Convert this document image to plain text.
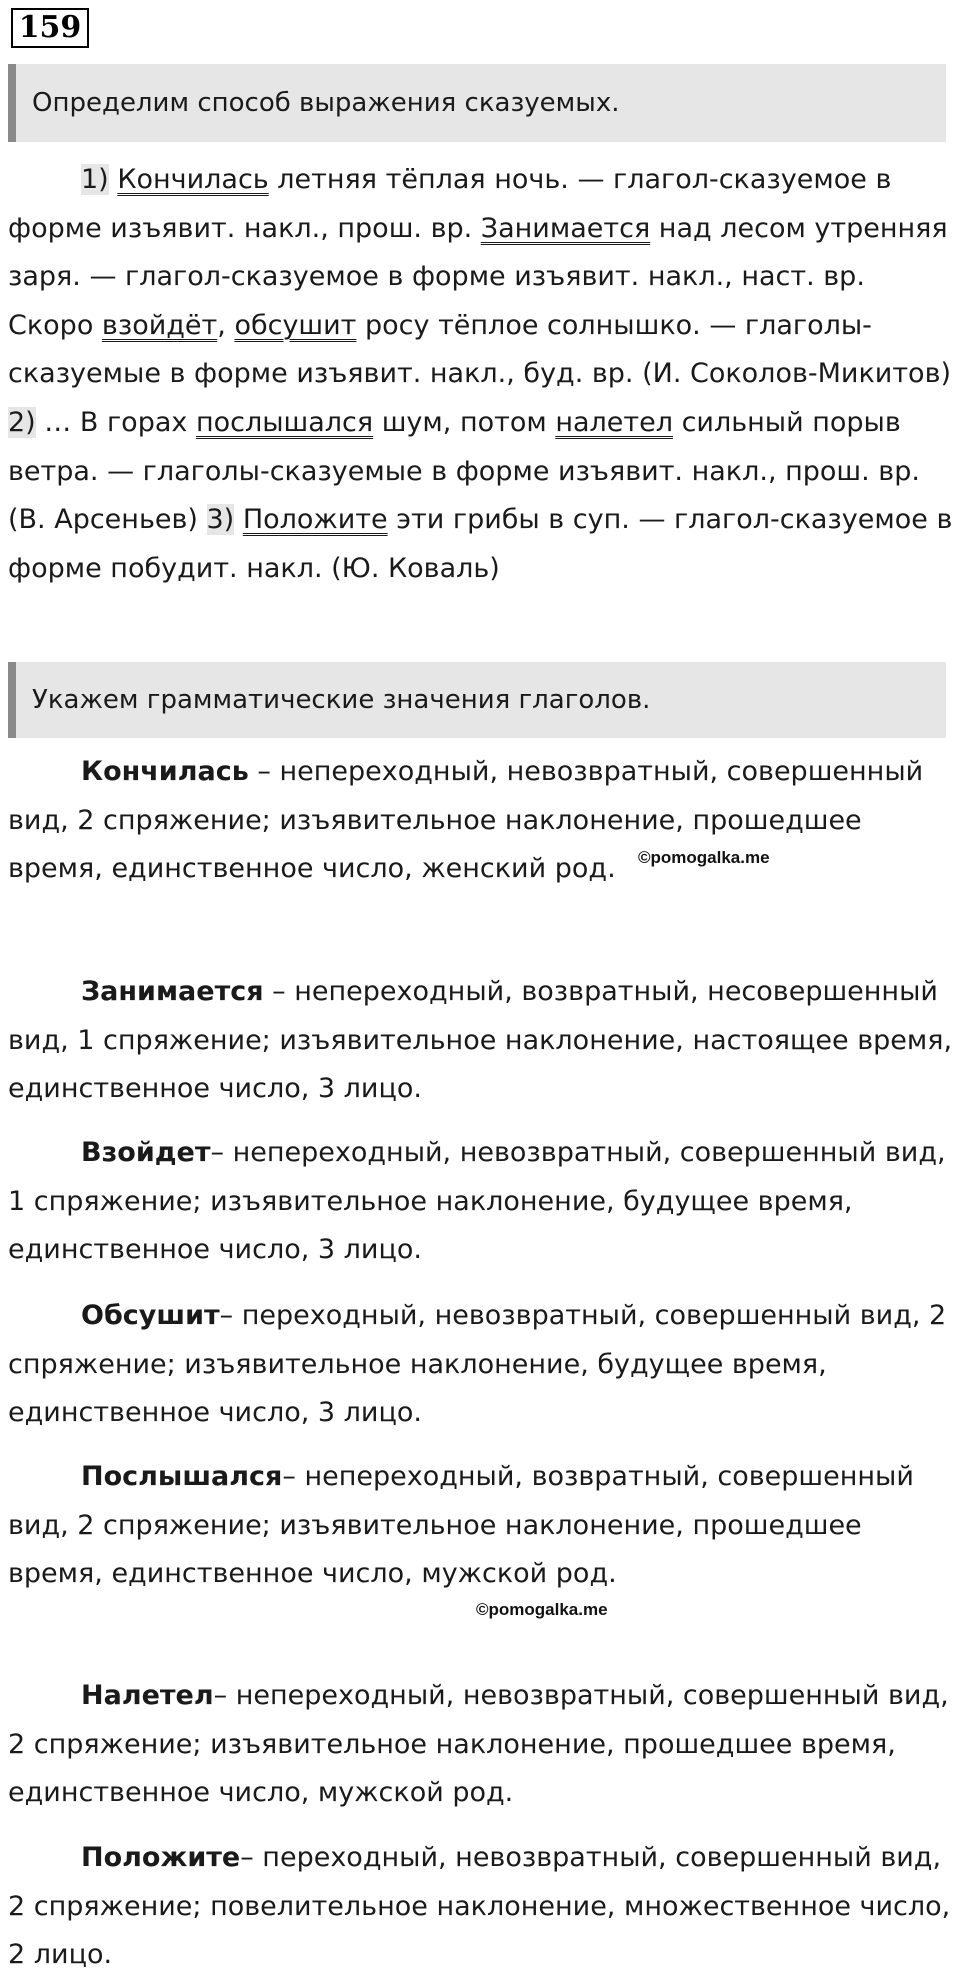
159
Определим способ выражения сказуемых.
1) Кончилась летняя тёплая ночь. — глагол-сказуемое в форме изъявит. накл., прош. вр. Занимается над лесом утренняя заря. — глагол-сказуемое в форме изъявит. накл., наст. вр. Скоро взойдёт, обсушит росу тёплое солнышко. — глаголы-сказуемые в форме изъявит. накл., буд. вр. (И. Соколов-Микитов) 2) … В горах послышался шум, потом налетел сильный порыв ветра. — глаголы-сказуемые в форме изъявит. накл., прош. вр. (В. Арсеньев) 3) Положите эти грибы в суп. — глагол-сказуемое в форме побудит. накл. (Ю. Коваль)
Укажем грамматические значения глаголов.
Кончилась – непереходный, невозвратный, совершенный вид, 2 спряжение; изъявительное наклонение, прошедшее время, единственное число, женский род.
Занимается – непереходный, возвратный, несовершенный вид, 1 спряжение; изъявительное наклонение, настоящее время, единственное число, 3 лицо.
Взойдет– непереходный, невозвратный, совершенный вид, 1 спряжение; изъявительное наклонение, будущее время, единственное число, 3 лицо.
Обсушит– переходный, невозвратный, совершенный вид, 2 спряжение; изъявительное наклонение, будущее время, единственное число, 3 лицо.
Послышался– непереходный, возвратный, совершенный вид, 2 спряжение; изъявительное наклонение, прошедшее время, единственное число, мужской род.
Налетел– непереходный, невозвратный, совершенный вид, 2 спряжение; изъявительное наклонение, прошедшее время, единственное число, мужской род.
Положите– переходный, невозвратный, совершенный вид, 2 спряжение; повелительное наклонение, множественное число, 2 лицо.
©pomogalka.me
©pomogalka.me
